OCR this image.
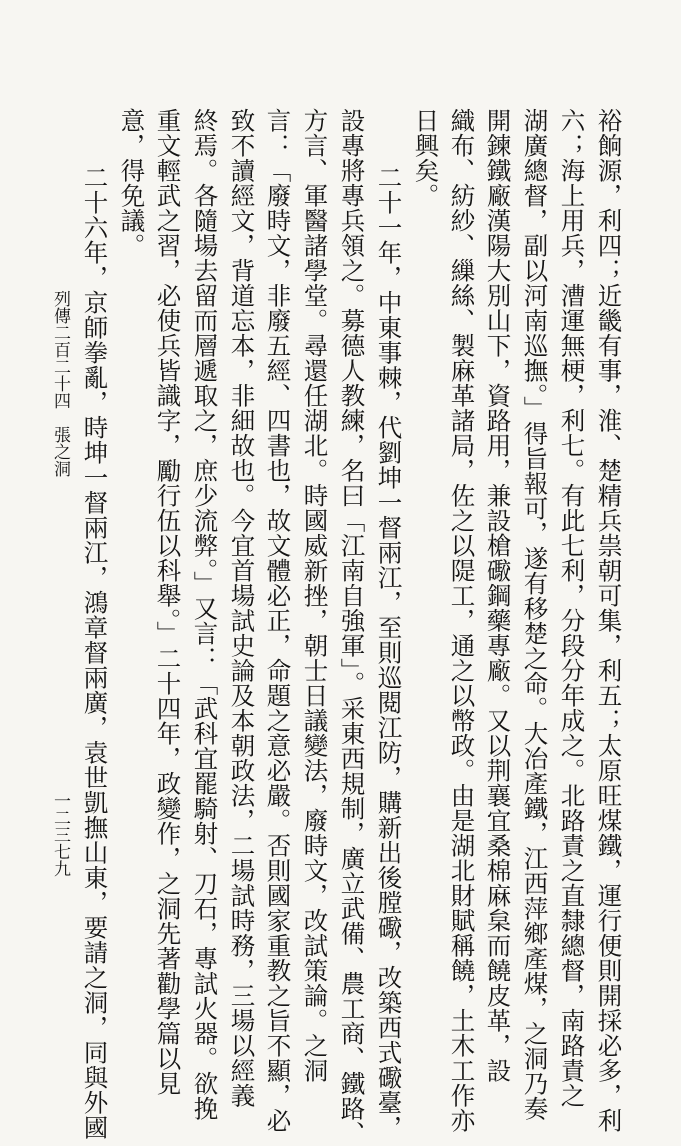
裕餉源，利四；近畿有事，淮、楚精兵祟朝可集，利五；太原旺煤鐵，運行便則開採必多，利
六；海上用兵，漕運無梗，利七。有此七利，分段分年成之。北路責之直隸總督，南路責之
湖廣總督，副以河南巡撫。」得旨報可，遂有移楚之命。大冶產鐵，江西萍鄉產煤，之洞乃奏
開鍊鐵廠漢陽大別山下，資路用，兼設槍礮鋼藥專廠。又以荆襄宜桑棉麻枲而饒皮革，設
織布、紡紗、繅絲、製麻革諸局，佐之以隄工，通之以幣政。由是湖北財賦稱饒，土木工作亦
日興矣。
二十一年，中東事棘，代劉坤一督兩江，至則巡閱江防，購新出後膛礮，改築西式礮臺，
設專將專兵領之。募德人教練，名曰「江南自強軍」。采東西規制，廣立武備、農工商、鐵路、
方言、軍醫諸學堂。尋還任湖北。時國威新挫，朝士日議變法，廢時文，改試策論。之洞
言：「廢時文，非廢五經、四書也，故文體必正，命題之意必嚴。否則國家重教之旨不顯，必
致不讀經文，背道忘本，非細故也。今宜首場試史論及本朝政法，二場試時務，三場以經義
終焉。各隨場去留而層遞取之，庶少流弊。」又言：「武科宜罷騎射、刀石，專試火器。欲挽
重文輕武之習，必使兵皆識字，勵行伍以科舉。」二十四年，政變作，之洞先著勸學篇以見
意，得免議。
二十六年，京師拳亂，時坤一督兩江，鴻章督兩廣，袁世凱撫山東，要請之洞，同與外國
列傳二百二十四　張之洞
一二三七九
